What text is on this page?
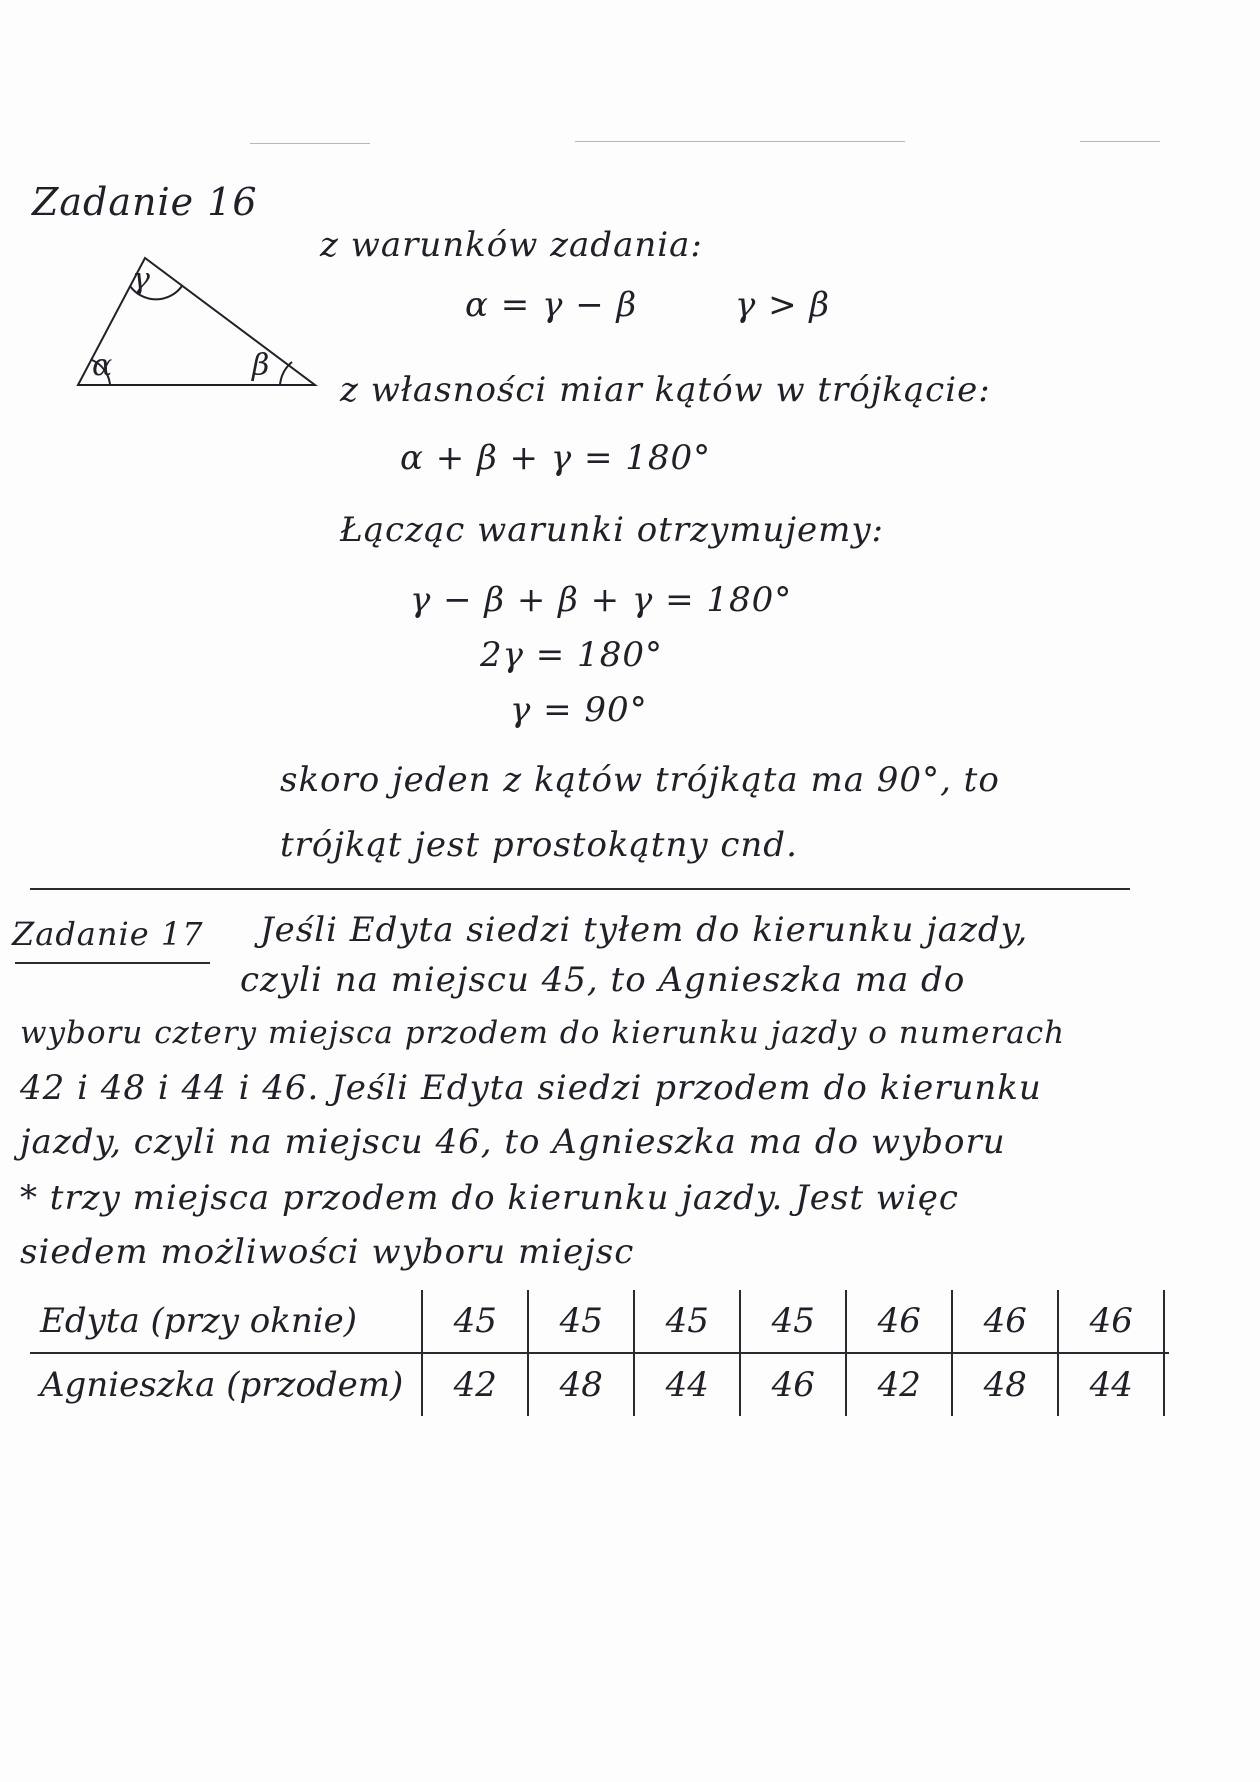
Zadanie 16
α	β
γ
z warunków zadania:
α = γ − β	γ > β
z własności miar kątów w trójkącie:
α + β + γ = 180°
Łącząc warunki otrzymujemy:
γ − β + β + γ = 180°
2γ = 180°
γ = 90°
skoro jeden z kątów trójkąta ma 90°, to
trójkąt jest prostokątny cnd.
Zadanie 17 Jeśli Edyta siedzi tyłem do kierunku jazdy,
czyli na miejscu 45, to Agnieszka ma do
wyboru cztery miejsca przodem do kierunku jazdy o numerach
42 i 48 i 44 i 46. Jeśli Edyta siedzi przodem do kierunku
jazdy, czyli na miejscu 46, to Agnieszka ma do wyboru
* trzy miejsca przodem do kierunku jazdy. Jest więc
siedem możliwości wyboru miejsc
Edyta (przy oknie)	45	45	45	45	46	46	46	
Agnieszka (przodem)	42	48	44	46	42	48	44	
